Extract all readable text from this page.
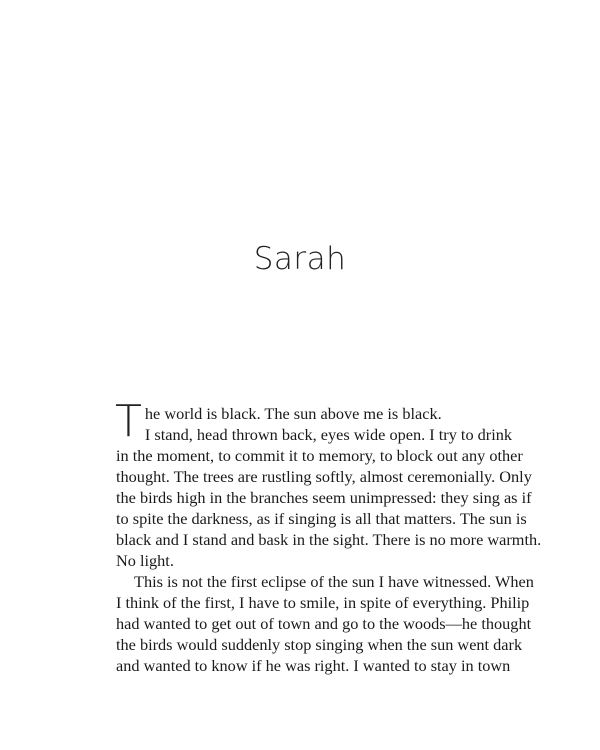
Sarah
T he world is black. The sun above me is black.
I stand, head thrown back, eyes wide open. I try to drink
in the moment, to commit it to memory, to block out any other
thought. The trees are rustling softly, almost ceremonially. Only
the birds high in the branches seem unimpressed: they sing as if
to spite the darkness, as if singing is all that matters. The sun is
black and I stand and bask in the sight. There is no more warmth.
No light.
This is not the first eclipse of the sun I have witnessed. When
I think of the first, I have to smile, in spite of everything. Philip
had wanted to get out of town and go to the woods—he thought
the birds would suddenly stop singing when the sun went dark
and wanted to know if he was right. I wanted to stay in town
